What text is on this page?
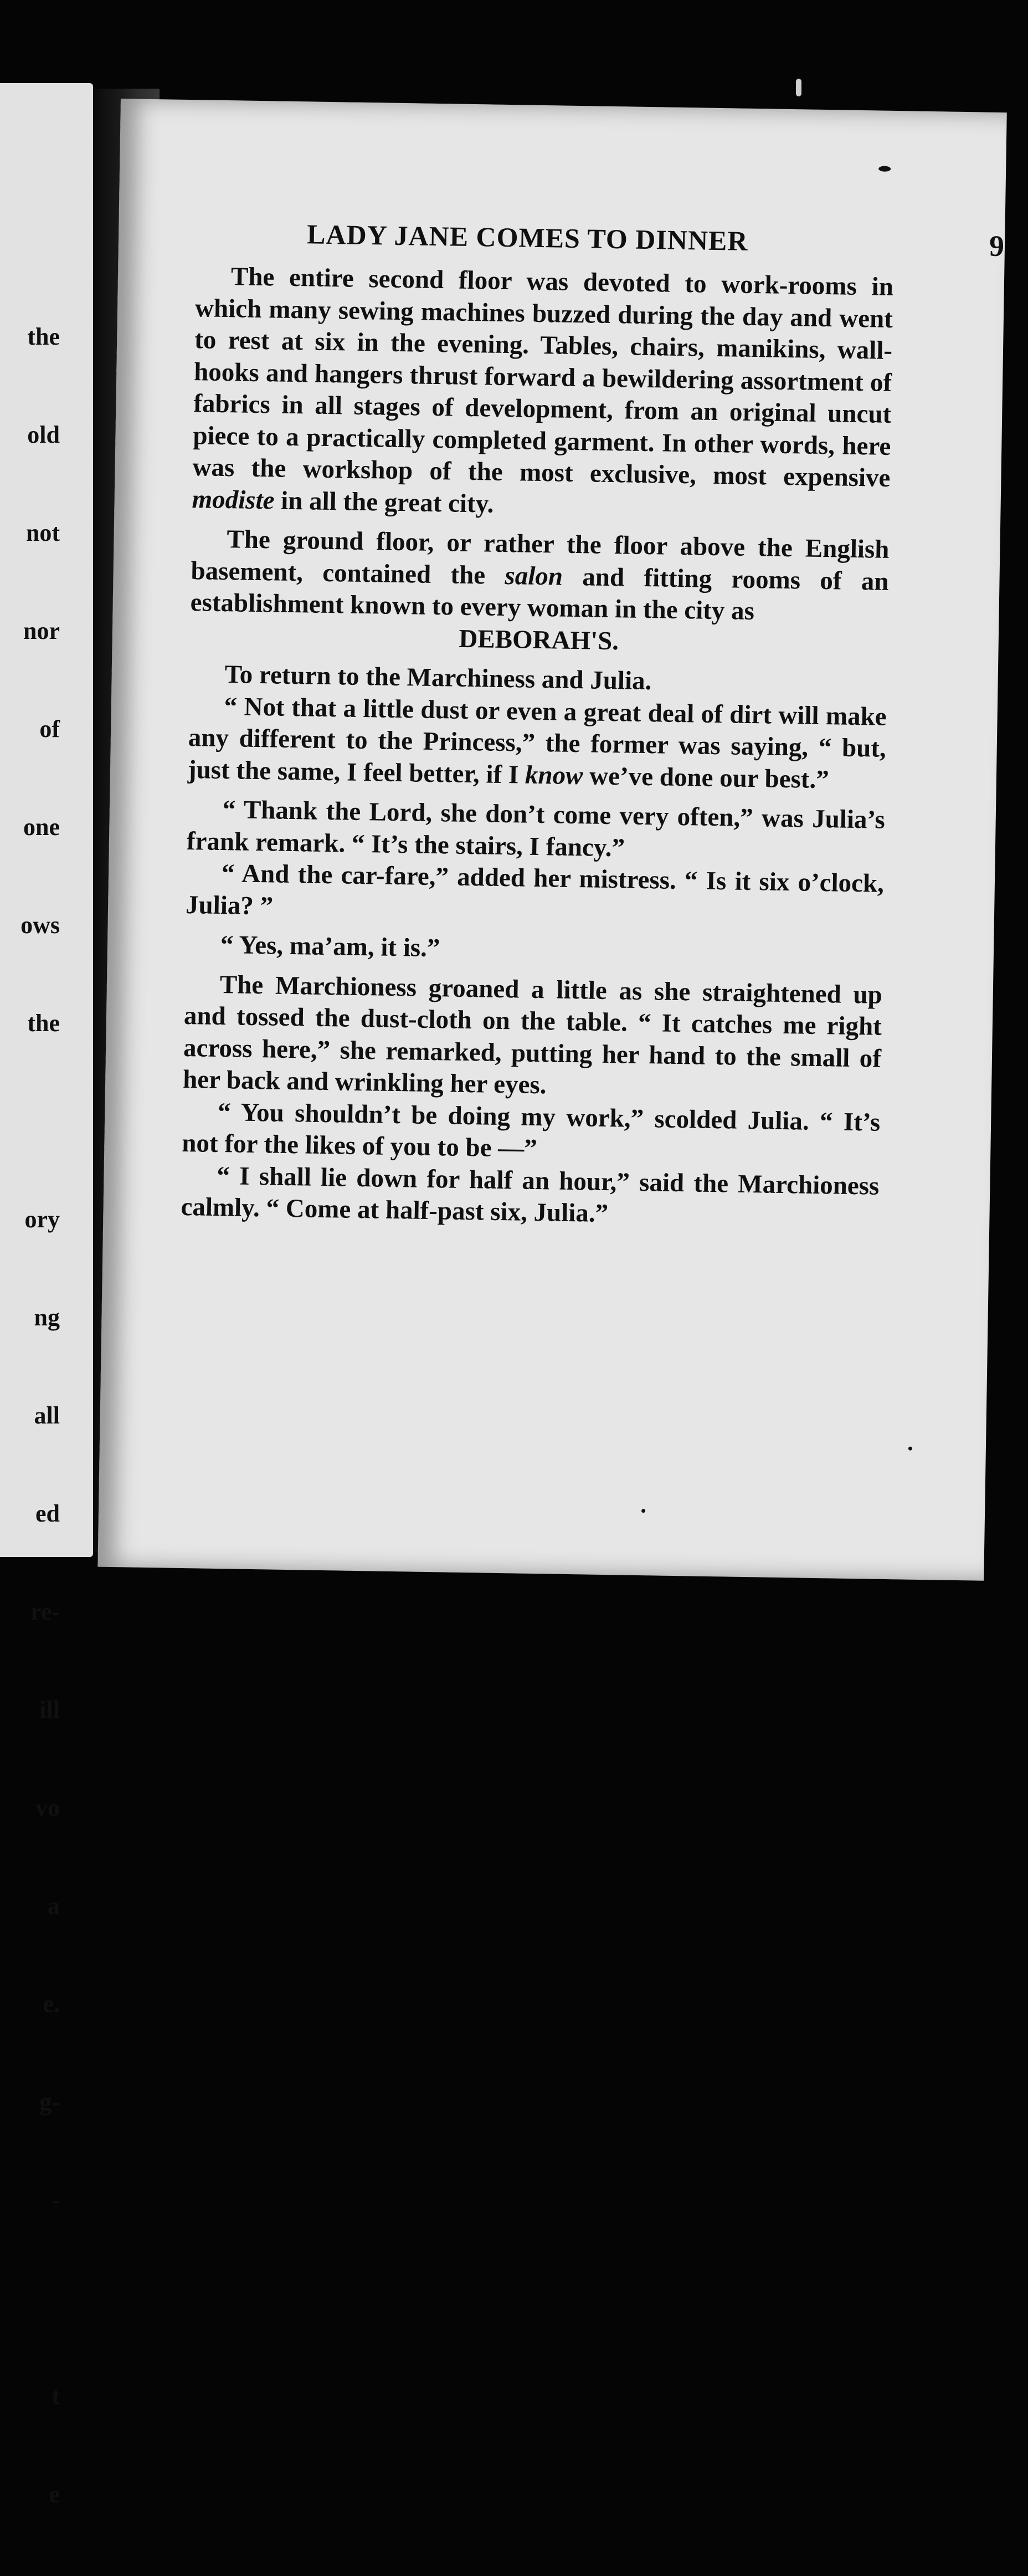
the

old

not

nor

of

one

ows

the

ory

ng

all

ed

re-

ill

vo

a

e.

g-

-

t

e

LADY JANE COMES TO DINNER	9

The entire second floor was devoted to work-rooms in which many sewing machines buzzed during the day and went to rest at six in the evening. Tables, chairs, manikins, wall-hooks and hangers thrust forward a bewildering assortment of fabrics in all stages of development, from an original uncut piece to a practically completed garment. In other words, here was the workshop of the most exclusive, most expensive modiste in all the great city.

The ground floor, or rather the floor above the English basement, contained the salon and fitting rooms of an establishment known to every woman in the city as

DEBORAH'S.

To return to the Marchiness and Julia.

“ Not that a little dust or even a great deal of dirt will make any different to the Princess,” the former was saying, “ but, just the same, I feel better, if I know we’ve done our best.”

“ Thank the Lord, she don’t come very often,” was Julia’s frank remark. “ It’s the stairs, I fancy.”

“ And the car-fare,” added her mistress. “ Is it six o’clock, Julia? ”

“ Yes, ma’am, it is.”

The Marchioness groaned a little as she straightened up and tossed the dust-cloth on the table. “ It catches me right across here,” she remarked, putting her hand to the small of her back and wrinkling her eyes.

“ You shouldn’t be doing my work,” scolded Julia. “ It’s not for the likes of you to be —”

“ I shall lie down for half an hour,” said the Marchioness calmly. “ Come at half-past six, Julia.”
